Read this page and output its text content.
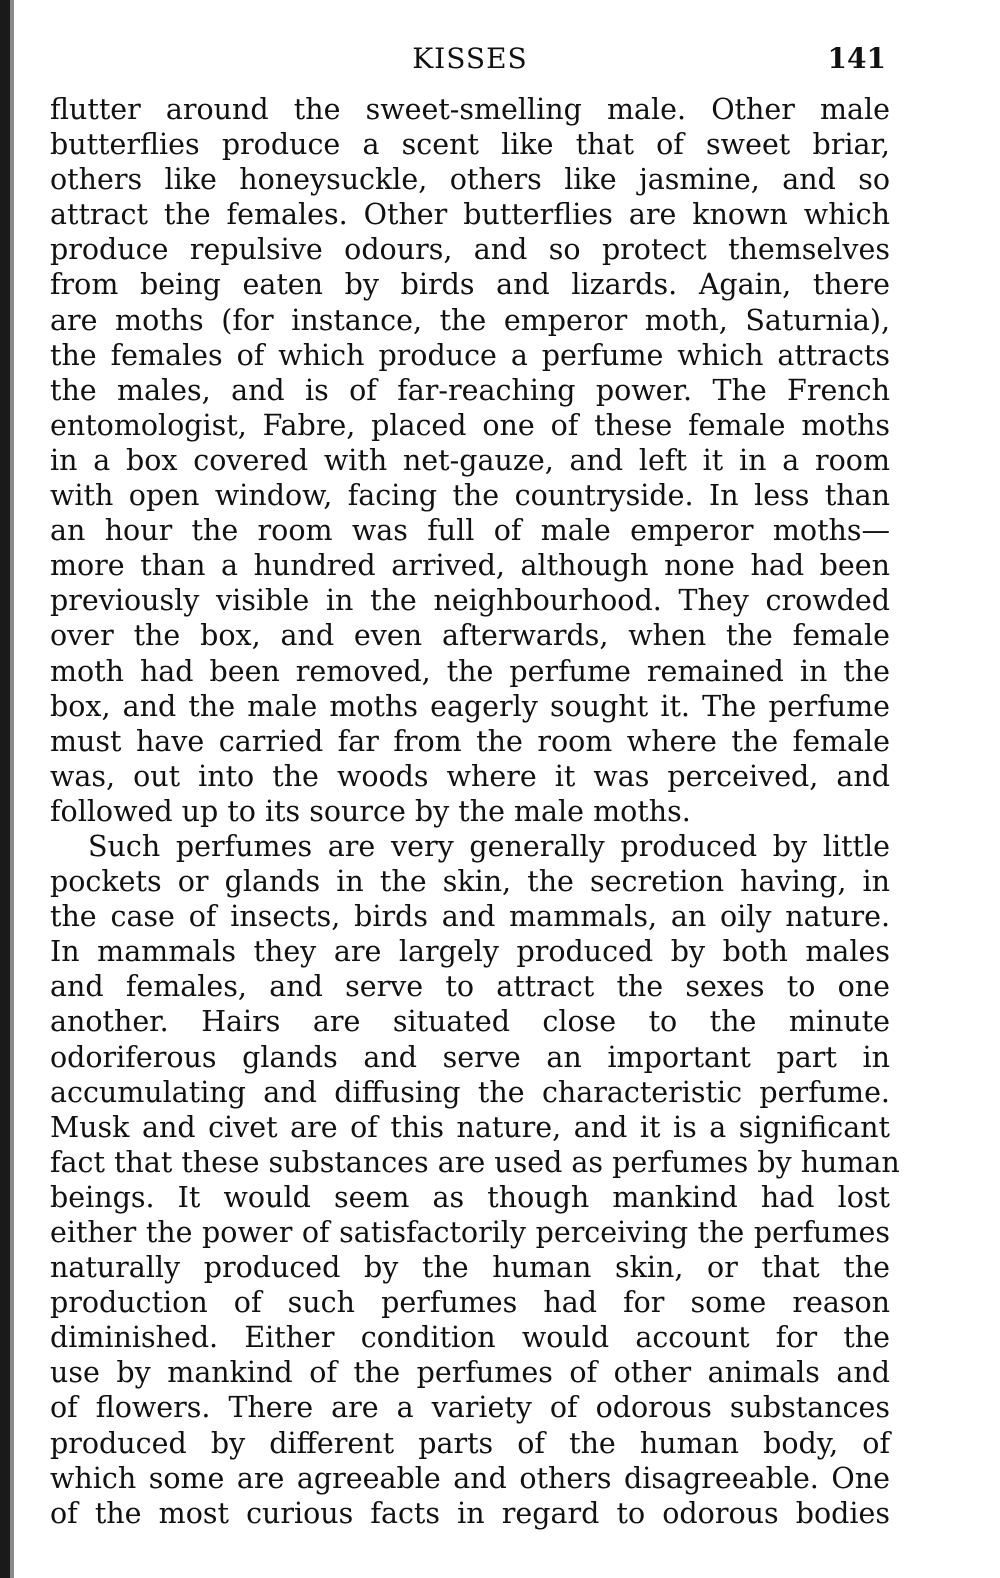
KISSES	141
flutter around the sweet-smelling male. Other male
butterflies produce a scent like that of sweet briar,
others like honeysuckle, others like jasmine, and so
attract the females. Other butterflies are known which
produce repulsive odours, and so protect themselves
from being eaten by birds and lizards. Again, there
are moths (for instance, the emperor moth, Saturnia),
the females of which produce a perfume which attracts
the males, and is of far-reaching power. The French
entomologist, Fabre, placed one of these female moths
in a box covered with net-gauze, and left it in a room
with open window, facing the countryside. In less than
an hour the room was full of male emperor moths—
more than a hundred arrived, although none had been
previously visible in the neighbourhood. They crowded
over the box, and even afterwards, when the female
moth had been removed, the perfume remained in the
box, and the male moths eagerly sought it. The perfume
must have carried far from the room where the female
was, out into the woods where it was perceived, and
followed up to its source by the male moths.
Such perfumes are very generally produced by little
pockets or glands in the skin, the secretion having, in
the case of insects, birds and mammals, an oily nature.
In mammals they are largely produced by both males
and females, and serve to attract the sexes to one
another. Hairs are situated close to the minute
odoriferous glands and serve an important part in
accumulating and diffusing the characteristic perfume.
Musk and civet are of this nature, and it is a significant
fact that these substances are used as perfumes by human
beings. It would seem as though mankind had lost
either the power of satisfactorily perceiving the perfumes
naturally produced by the human skin, or that the
production of such perfumes had for some reason
diminished. Either condition would account for the
use by mankind of the perfumes of other animals and
of flowers. There are a variety of odorous substances
produced by different parts of the human body, of
which some are agreeable and others disagreeable. One
of the most curious facts in regard to odorous bodies
